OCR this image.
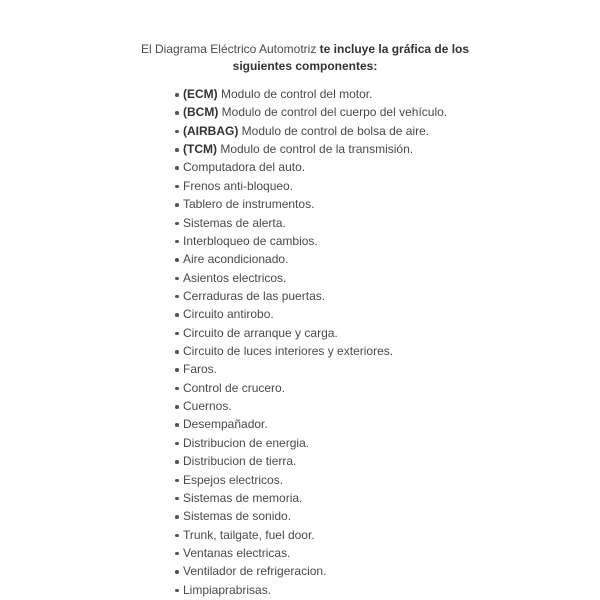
El Diagrama Eléctrico Automotriz te incluye la gráfica de los siguientes componentes:
(ECM) Modulo de control del motor.
(BCM) Modulo de control del cuerpo del vehículo.
(AIRBAG) Modulo de control de bolsa de aire.
(TCM) Modulo de control de la transmisión.
Computadora del auto.
Frenos anti-bloqueo.
Tablero de instrumentos.
Sistemas de alerta.
Interbloqueo de cambios.
Aire acondicionado.
Asientos electricos.
Cerraduras de las puertas.
Circuito antirobo.
Circuito de arranque y carga.
Circuito de luces interiores y exteriores.
Faros.
Control de crucero.
Cuernos.
Desempañador.
Distribucion de energia.
Distribucion de tierra.
Espejos electricos.
Sistemas de memoria.
Sistemas de sonido.
Trunk, tailgate, fuel door.
Ventanas electricas.
Ventilador de refrigeracion.
Limpiaprabrisas.
